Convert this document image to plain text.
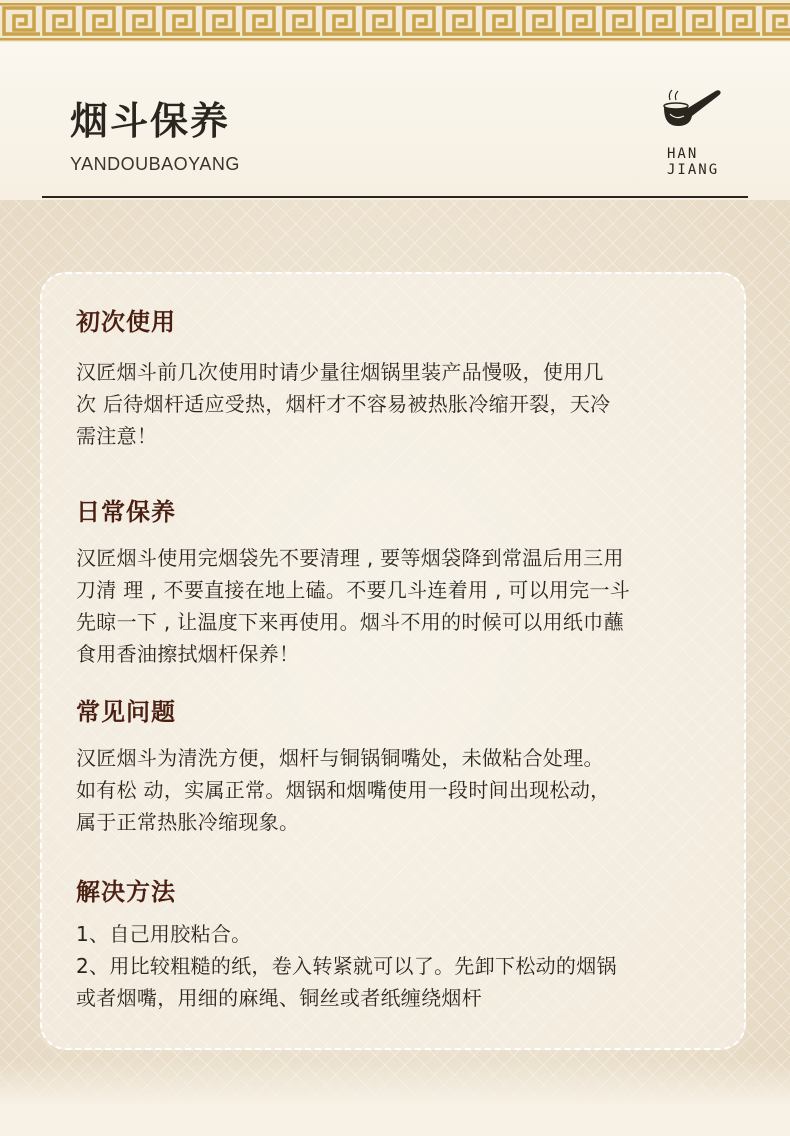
烟斗保养
YANDOUBAOYANG	HAN
JIANG
初次使用
汉匠烟斗前几次使用时请少量往烟锅里装产品慢吸，使用几
次 后待烟杆适应受热，烟杆才不容易被热胀冷缩开裂，天冷
需注意！
日常保养
汉匠烟斗使用完烟袋先不要清理 , 要等烟袋降到常温后用三用
刀清 理 , 不要直接在地上磕。不要几斗连着用 , 可以用完一斗
先晾一下 , 让温度下来再使用。烟斗不用的时候可以用纸巾蘸
食用香油擦拭烟杆保养！
常见问题
汉匠烟斗为清洗方便，烟杆与铜锅铜嘴处，未做粘合处理。
如有松 动，实属正常。烟锅和烟嘴使用一段时间出现松动，
属于正常热胀冷缩现象。
解决方法
1、自己用胶粘合。
2、用比较粗糙的纸，卷入转紧就可以了。先卸下松动的烟锅
或者烟嘴，用细的麻绳、铜丝或者纸缠绕烟杆
